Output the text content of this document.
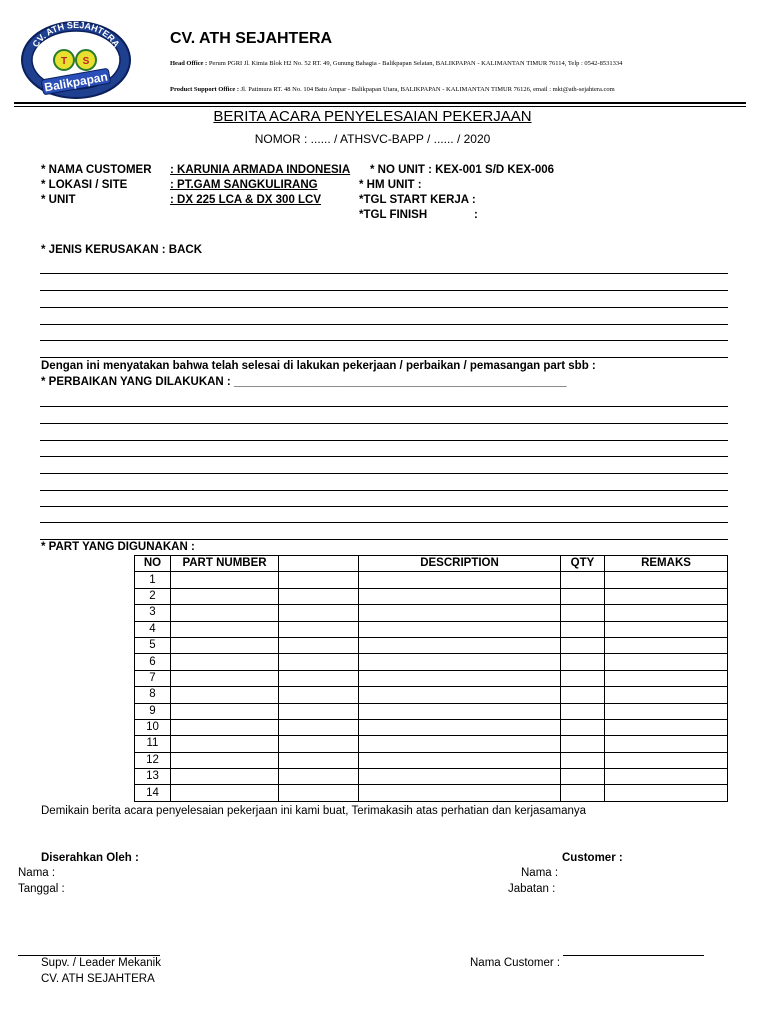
CV. ATH SEJAHTERA
T S
★	★
Balikpapan
CV. ATH SEJAHTERA
Head Office : Perum PGRI Jl. Kimia Blok H2 No. 52 RT. 49, Gunung Bahagia - Balikpapan Selatan, BALIKPAPAN - KALIMANTAN TIMUR 76114, Telp : 0542-8531334
Product Support Office : Jl. Patimura RT. 48 No. 104 Batu Ampar - Balikpapan Utara, BALIKPAPAN - KALIMANTAN TIMUR 76126, email : mkt@ath-sejahtera.com
BERITA ACARA PENYELESAIAN PEKERJAAN
NOMOR : ...... / ATHSVC-BAPP / ...... / 2020
* NAMA CUSTOMER : KARUNIA ARMADA INDONESIA
* LOKASI / SITE	: PT.GAM SANGKULIRANG
* UNIT	: DX 225 LCA & DX 300 LCV
* NO UNIT : KEX-001 S/D KEX-006
* HM UNIT :
*TGL START KERJA :
*TGL FINISH	:
* JENIS KERUSAKAN : BACK
Dengan ini menyatakan bahwa telah selesai di lakukan pekerjaan / perbaikan / pemasangan part sbb :
* PERBAIKAN YANG DILAKUKAN : ____________________________________________________
* PART YANG DIGUNAKAN :
NO	PART NUMBER		DESCRIPTION	QTY	REMAKS
1					
2					
3					
4					
5					
6					
7					
8					
9					
10					
11					
12					
13					
14					
Demikain berita acara penyelesaian pekerjaan ini kami buat, Terimakasih atas perhatian dan kerjasamanya
Diserahkan Oleh :
Nama :
Tanggal :
Customer :
Nama :
Jabatan :
Supv. / Leader Mekanik
CV. ATH SEJAHTERA
Nama Customer :
